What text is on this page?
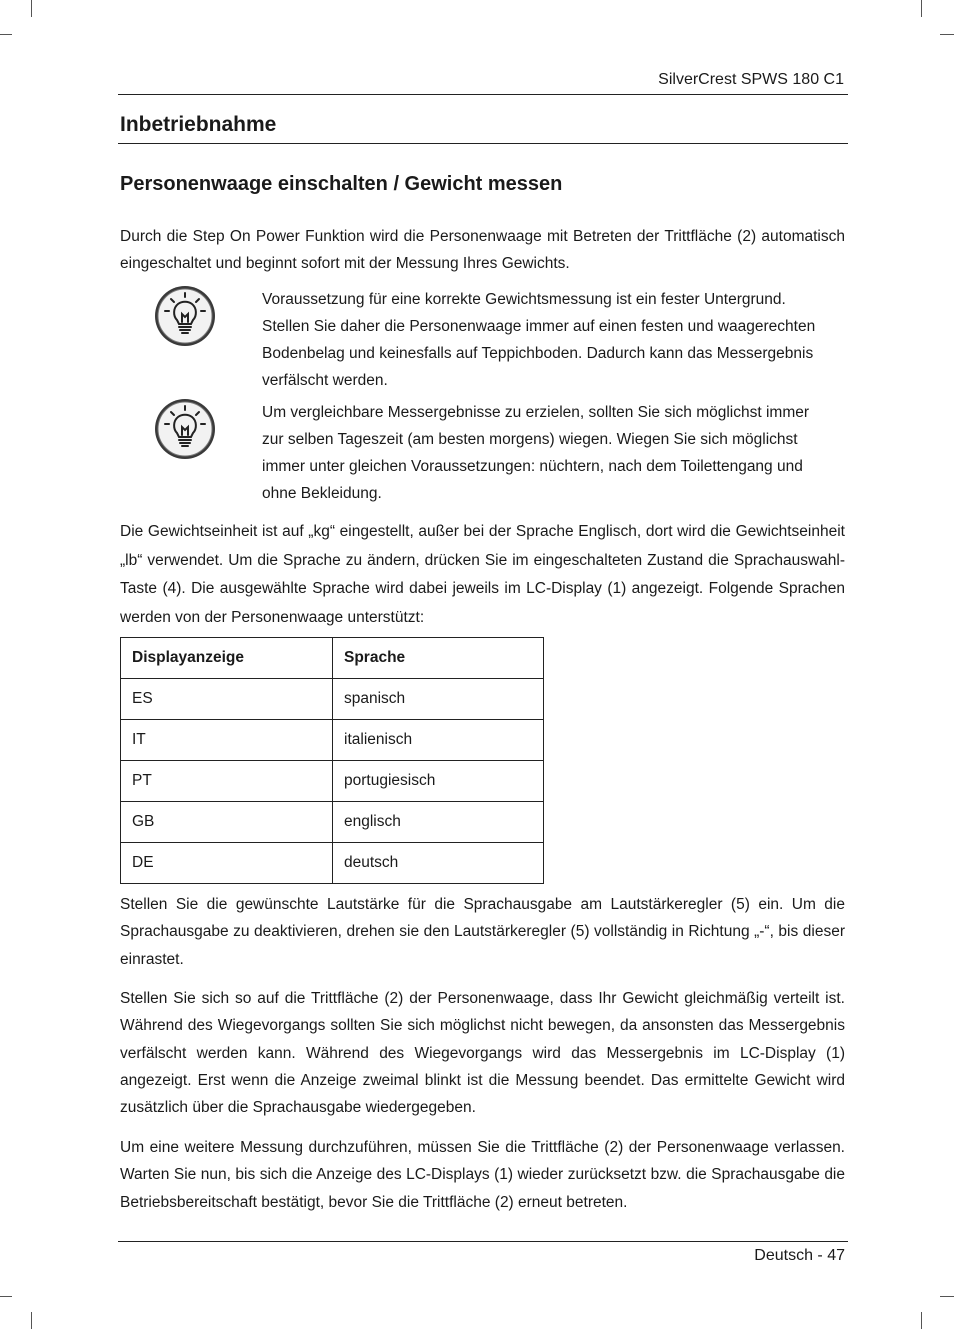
SilverCrest SPWS 180 C1
Inbetriebnahme
Personenwaage einschalten / Gewicht messen

Durch die Step On Power Funktion wird die Personenwaage mit Betreten der Trittfläche (2) automatisch eingeschaltet und beginnt sofort mit der Messung Ihres Gewichts.

Voraussetzung für eine korrekte Gewichtsmessung ist ein fester Untergrund. Stellen Sie daher die Personenwaage immer auf einen festen und waagerechten Bodenbelag und keinesfalls auf Teppichboden. Dadurch kann das Messergebnis verfälscht werden.

Um vergleichbare Messergebnisse zu erzielen, sollten Sie sich möglichst immer zur selben Tageszeit (am besten morgens) wiegen. Wiegen Sie sich möglichst immer unter gleichen Voraussetzungen: nüchtern, nach dem Toilettengang und ohne Bekleidung.

Die Gewichtseinheit ist auf „kg“ eingestellt, außer bei der Sprache Englisch, dort wird die Gewichtseinheit „lb“ verwendet. Um die Sprache zu ändern, drücken Sie im eingeschalteten Zustand die Sprachauswahl-Taste (4). Die ausgewählte Sprache wird dabei jeweils im LC-Display (1) angezeigt. Folgende Sprachen werden von der Personenwaage unterstützt:

Displayanzeige	Sprache
ES	spanisch
IT	italienisch
PT	portugiesisch
GB	englisch
DE	deutsch

Stellen Sie die gewünschte Lautstärke für die Sprachausgabe am Lautstärkeregler (5) ein. Um die Sprachausgabe zu deaktivieren, drehen sie den Lautstärkeregler (5) vollständig in Richtung „-“, bis dieser einrastet.

Stellen Sie sich so auf die Trittfläche (2) der Personenwaage, dass Ihr Gewicht gleichmäßig verteilt ist. Während des Wiegevorgangs sollten Sie sich möglichst nicht bewegen, da ansonsten das Messergebnis verfälscht werden kann. Während des Wiegevorgangs wird das Messergebnis im LC-Display (1) angezeigt. Erst wenn die Anzeige zweimal blinkt ist die Messung beendet. Das ermittelte Gewicht wird zusätzlich über die Sprachausgabe wiedergegeben.

Um eine weitere Messung durchzuführen, müssen Sie die Trittfläche (2) der Personenwaage verlassen. Warten Sie nun, bis sich die Anzeige des LC-Displays (1) wieder zurücksetzt bzw. die Sprachausgabe die Betriebsbereitschaft bestätigt, bevor Sie die Trittfläche (2) erneut betreten.

Deutsch - 47
